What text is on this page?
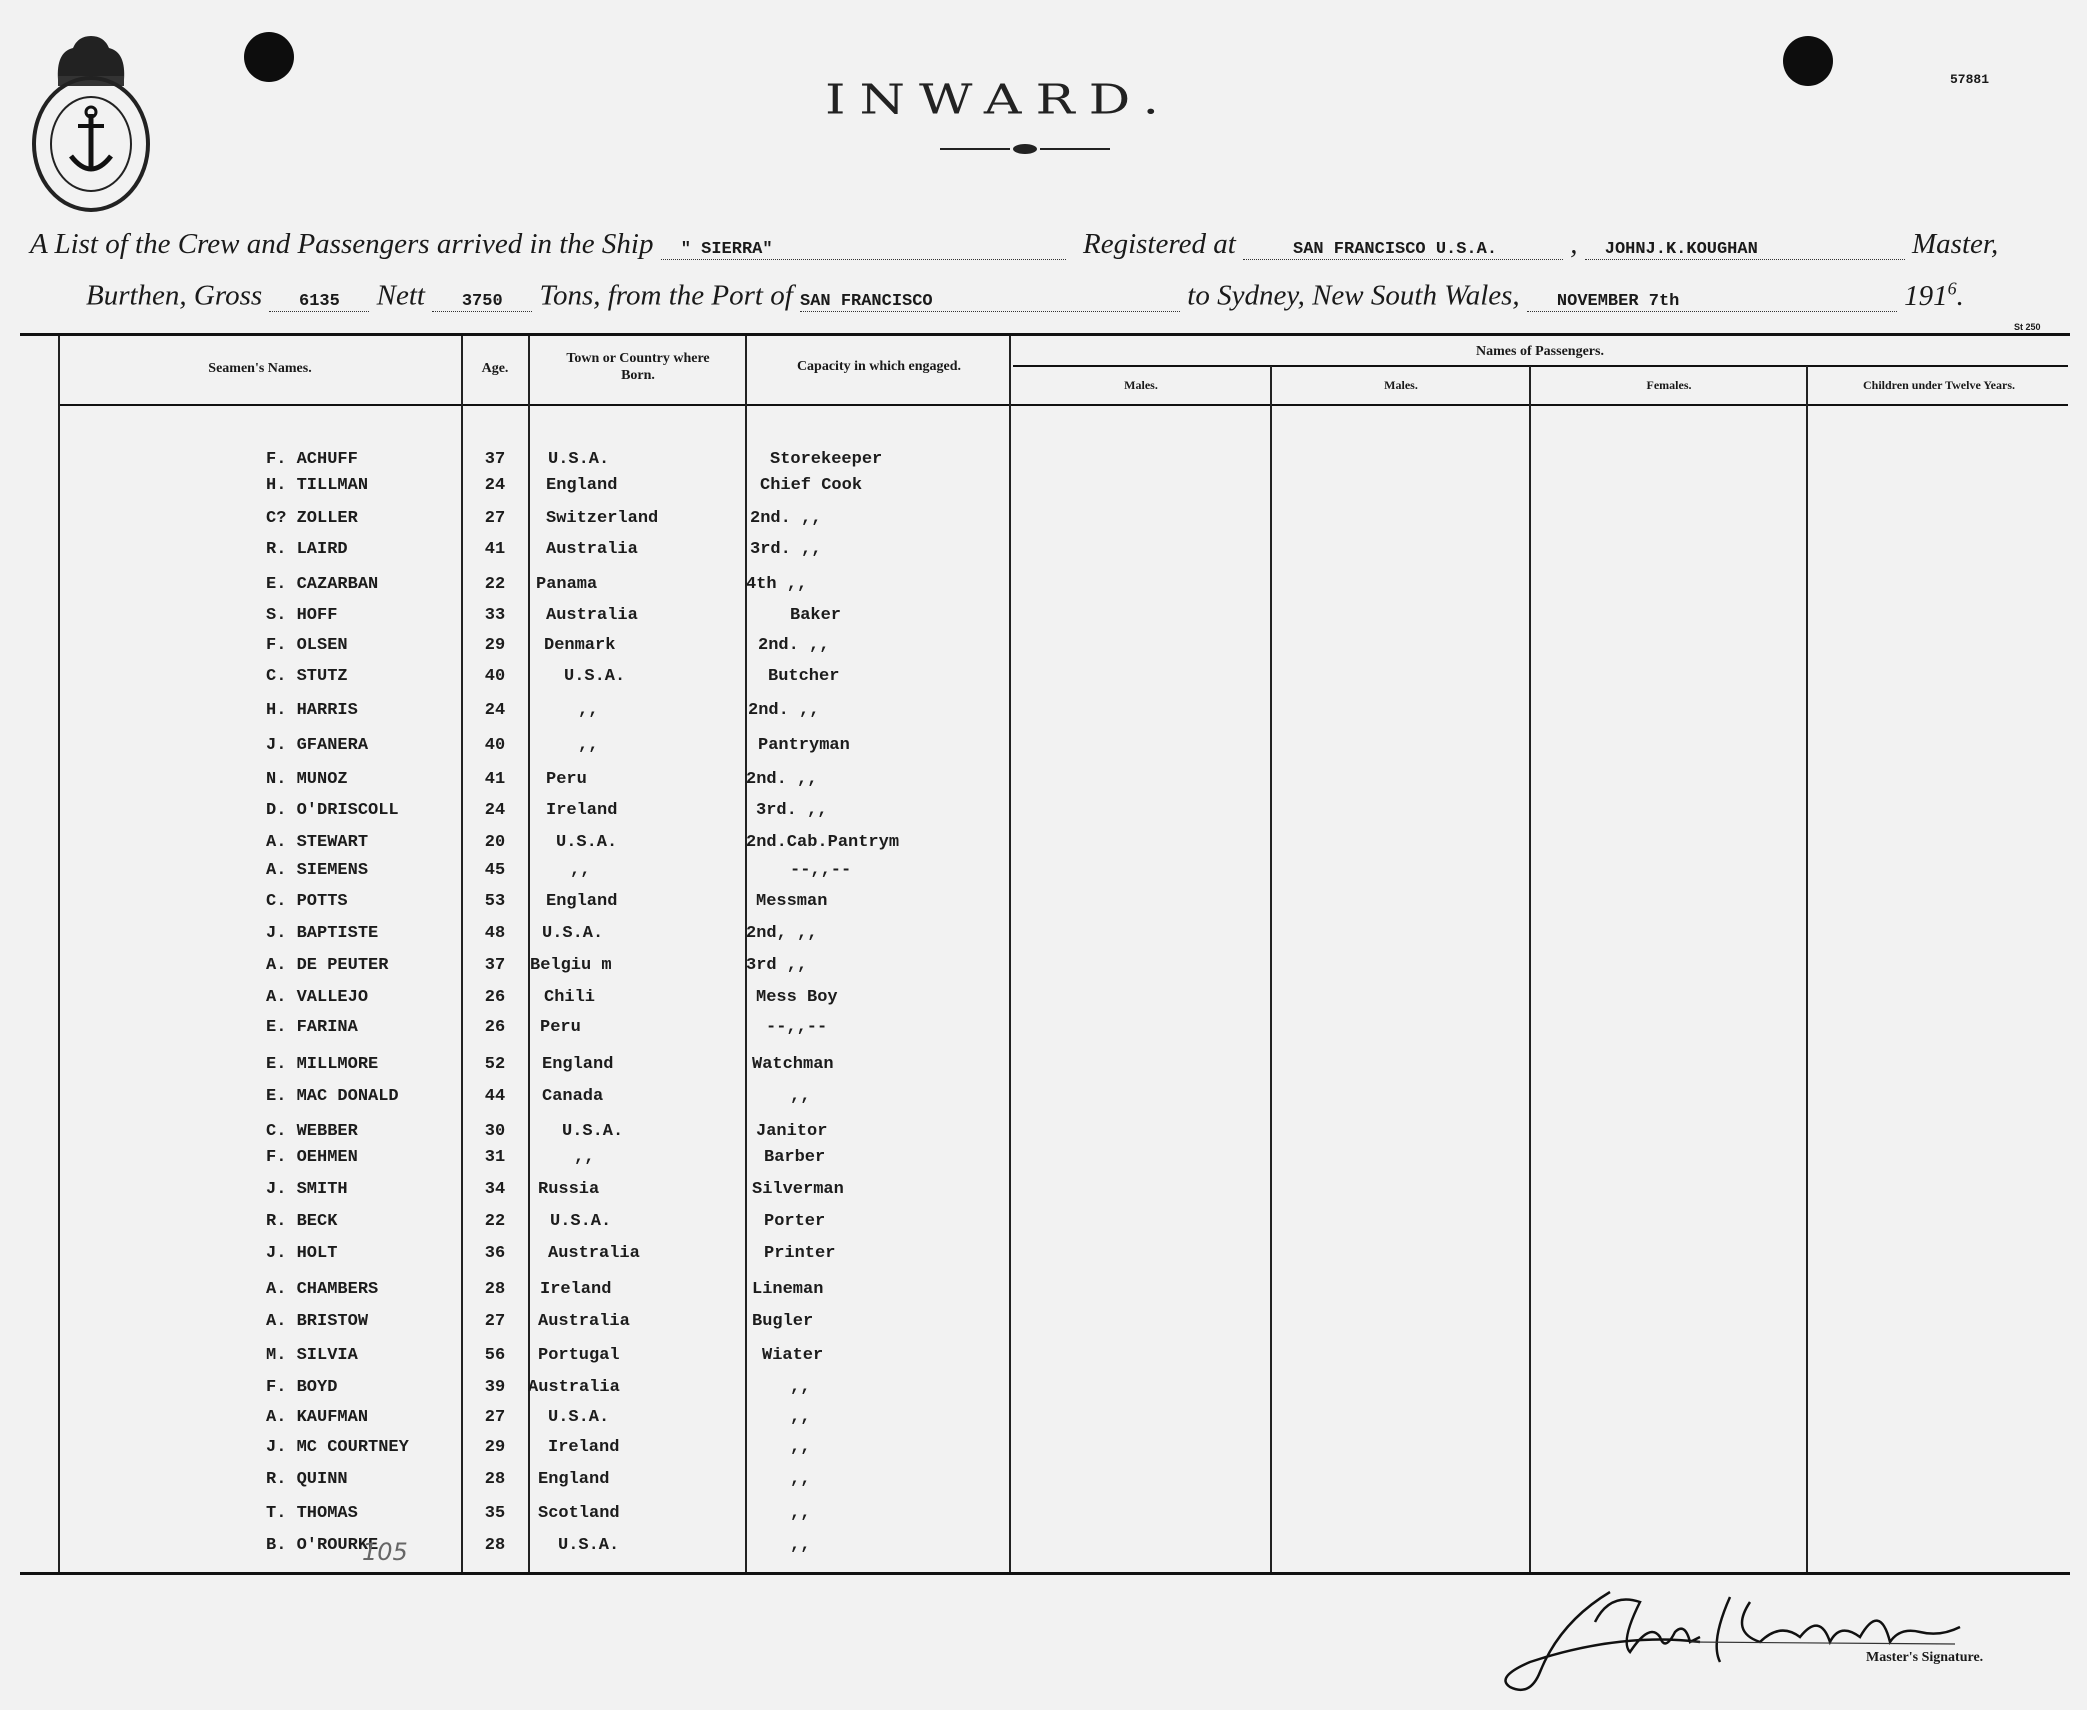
57881
INWARD.
A List of the Crew and Passengers arrived in the Ship " SIERRA"	Registered at	SAN FRANCISCO U.S.A.	, JOHNJ.K.KOUGHAN	Master,
Burthen, Gross 6135 Nett 3750 Tons, from the Port of SAN FRANCISCO	to Sydney, New South Wales, NOVEMBER 7th	$191^6$.
St 250
Seamen's Names.	Age.
Town or Country where Born.
Capacity in which engaged.
Names of Passengers.
Males.	Males.	Females.	Children under Twelve Years.
F. ACHUFF	37	U.S.A.	Storekeeper
H. TILLMAN	24	England	Chief Cook
C? ZOLLER	27	Switzerland	2nd. ,,
R. LAIRD	41	Australia	3rd. ,,
E. CAZARBAN	22	Panama	4th ,,
S. HOFF	33	Australia	Baker
F. OLSEN	29	Denmark	2nd. ,,
C. STUTZ	40	U.S.A.	Butcher
H. HARRIS	24	,,	2nd. ,,
J. GFANERA	40	,,	Pantryman
N. MUNOZ	41	Peru	2nd. ,,
D. O'DRISCOLL	24	Ireland	3rd. ,,
A. STEWART	20	U.S.A.	2nd.Cab.Pantrym
A. SIEMENS	45	,,	--,,--
C. POTTS	53	England	Messman
J. BAPTISTE	48	U.S.A.	2nd, ,,
A. DE PEUTER	37	Belgiu m	3rd ,,
A. VALLEJO	26	Chili	Mess Boy
E. FARINA	26	Peru	--,,--
E. MILLMORE	52	England	Watchman
E. MAC DONALD	44	Canada	,,
C. WEBBER	30	U.S.A.	Janitor
F. OEHMEN	31	,,	Barber
J. SMITH	34	Russia	Silverman
R. BECK	22	U.S.A.	Porter
J. HOLT	36	Australia	Printer
A. CHAMBERS	28	Ireland	Lineman
A. BRISTOW	27	Australia	Bugler
M. SILVIA	56	Portugal	Wiater
F. BOYD	39	Australia	,,
A. KAUFMAN	27	U.S.A.	,,
J. MC COURTNEY	29	Ireland	,,
R. QUINN	28	England	,,
T. THOMAS	35	Scotland	,,
B. O'ROURKE	28	U.S.A.	,,
105
Master's Signature.
